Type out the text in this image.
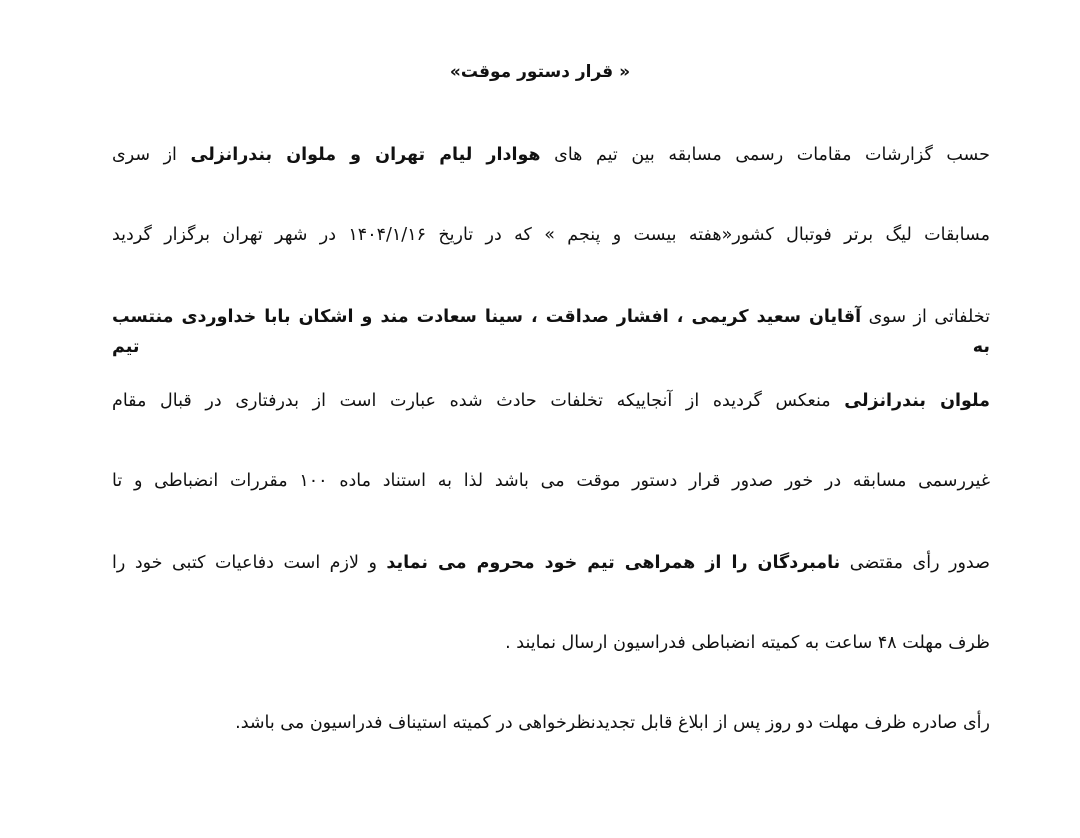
« قرار دستور موقت»
حسب گزارشات مقامات رسمی مسابقه بین تیم های هوادار لیام تهران و ملوان بندرانزلی از سری
مسابقات لیگ برتر فوتبال کشور«هفته بیست و پنجم » که در تاریخ ۱۴۰۴/۱/۱۶ در شهر تهران برگزار گردید
تخلفاتی از سوی آقایان سعید کریمی ، افشار صداقت ، سینا سعادت مند و اشکان بابا خداوردی منتسب به تیم
ملوان بندرانزلی منعکس گردیده از آنجاییکه تخلفات حادث شده عبارت است از بدرفتاری در قبال مقام
غیررسمی مسابقه در خور صدور قرار دستور موقت می باشد لذا به استناد ماده ۱۰۰ مقررات انضباطی و تا
صدور رأی مقتضی نامبردگان را از همراهی تیم خود محروم می نماید و لازم است دفاعیات کتبی خود را
ظرف مهلت ۴۸ ساعت به کمیته انضباطی فدراسیون ارسال نمایند .
رأی صادره ظرف مهلت دو روز پس از ابلاغ قابل تجدیدنظرخواهی در کمیته استیناف فدراسیون می باشد.
